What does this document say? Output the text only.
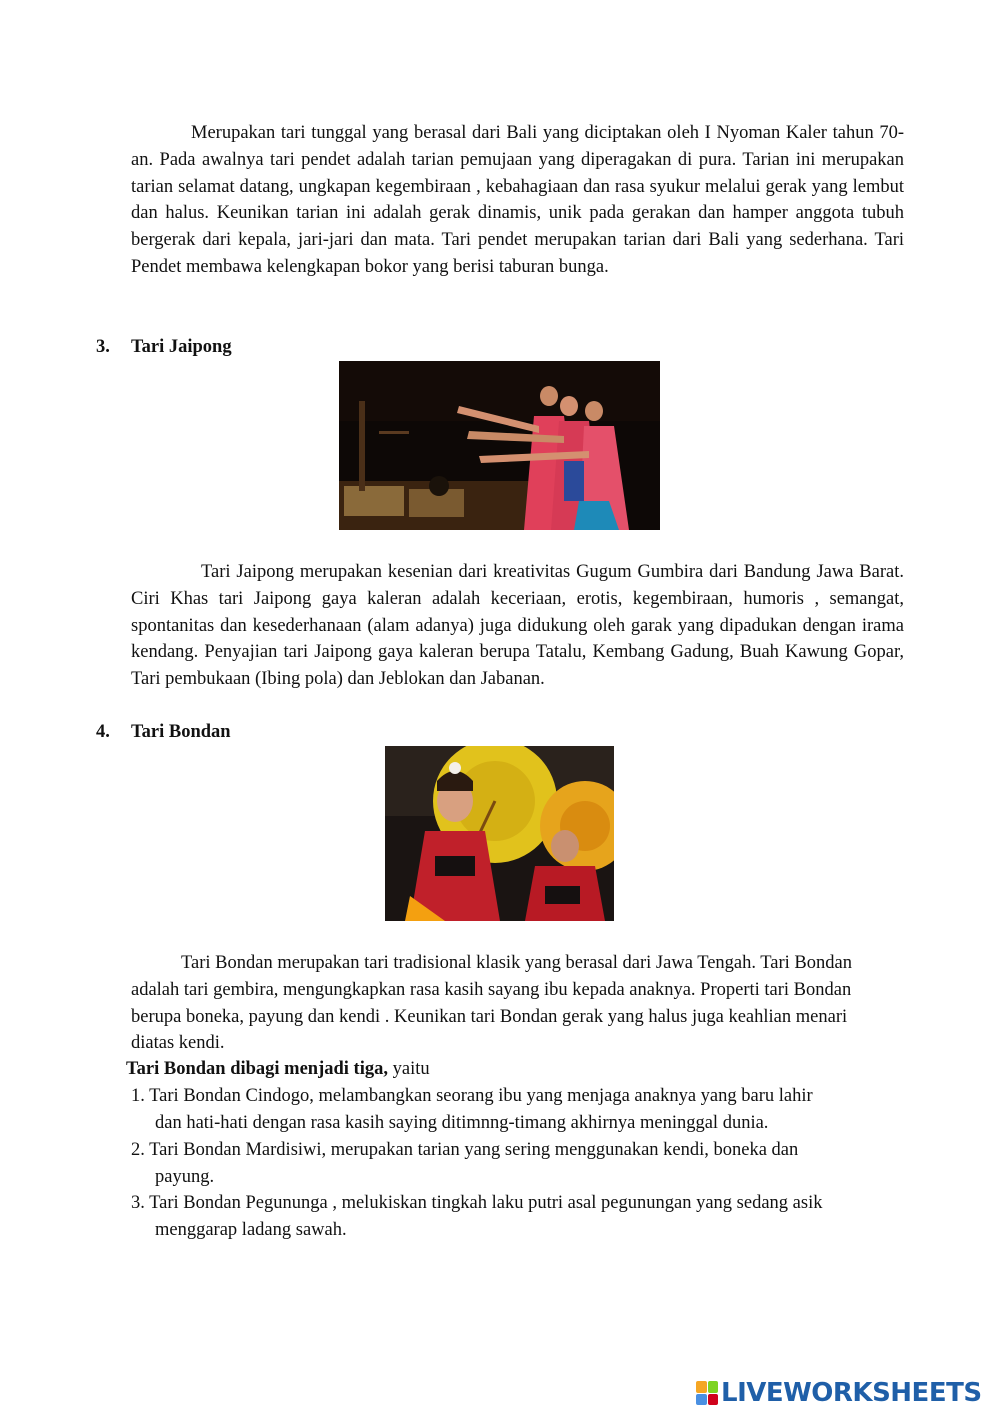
Merupakan tari tunggal yang berasal dari Bali yang diciptakan oleh I Nyoman Kaler tahun 70-an. Pada awalnya tari pendet adalah tarian pemujaan yang diperagakan di pura. Tarian ini merupakan tarian selamat datang, ungkapan kegembiraan , kebahagiaan dan rasa syukur melalui gerak yang lembut dan halus. Keunikan tarian ini adalah gerak dinamis, unik pada gerakan dan hamper anggota tubuh bergerak dari kepala, jari-jari dan mata. Tari pendet merupakan tarian dari Bali yang sederhana. Tari Pendet membawa kelengkapan bokor yang berisi taburan bunga.

3. Tari Jaipong

Tari Jaipong merupakan kesenian dari kreativitas Gugum Gumbira dari Bandung Jawa Barat. Ciri Khas tari Jaipong gaya kaleran adalah keceriaan, erotis, kegembiraan, humoris , semangat, spontanitas dan kesederhanaan (alam adanya) juga didukung oleh garak yang dipadukan dengan irama kendang. Penyajian tari Jaipong gaya kaleran berupa Tatalu, Kembang Gadung, Buah Kawung Gopar, Tari pembukaan (Ibing pola) dan Jeblokan dan Jabanan.

4. Tari Bondan

Tari Bondan merupakan tari tradisional klasik yang berasal dari Jawa Tengah. Tari Bondan adalah tari gembira, mengungkapkan rasa kasih sayang ibu kepada anaknya. Properti tari Bondan berupa boneka, payung dan kendi . Keunikan tari Bondan gerak yang halus juga keahlian menari diatas kendi.

Tari Bondan dibagi menjadi tiga, yaitu

1. Tari Bondan Cindogo, melambangkan seorang ibu yang menjaga anaknya yang baru lahir
dan hati-hati dengan rasa kasih saying ditimnng-timang akhirnya meninggal dunia.
2. Tari Bondan Mardisiwi, merupakan tarian yang sering menggunakan kendi, boneka dan
payung.
3. Tari Bondan Pegununga , melukiskan tingkah laku putri asal pegunungan yang sedang asik
menggarap ladang sawah.
LIVEWORKSHEETS
